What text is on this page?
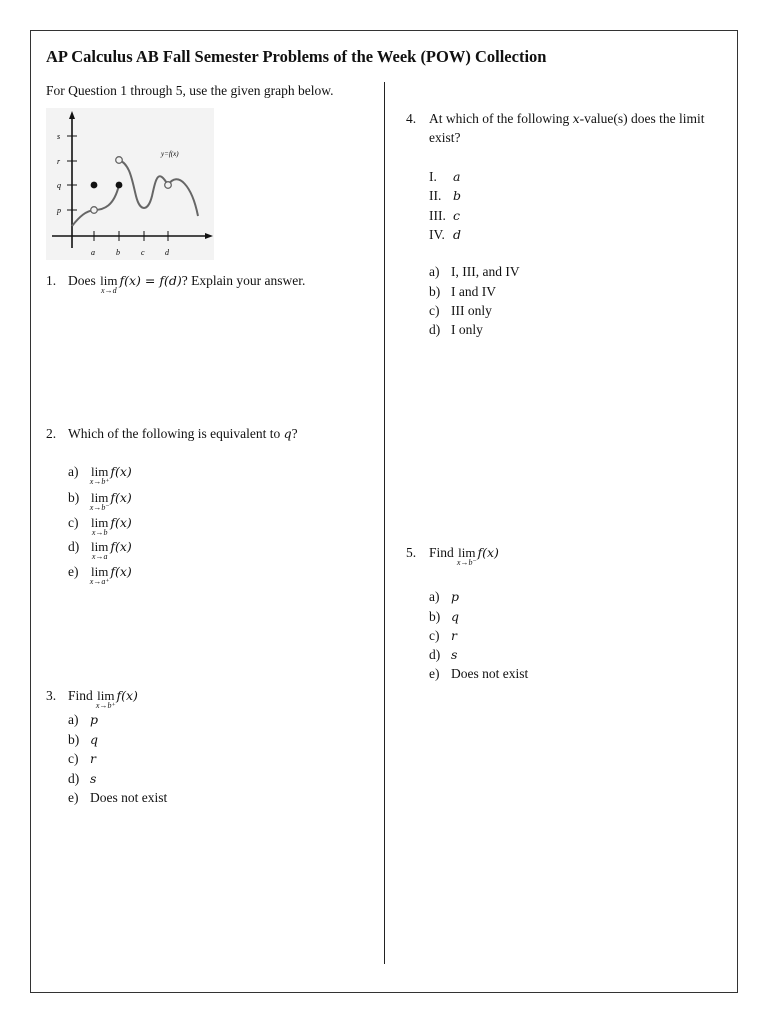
AP Calculus AB Fall Semester Problems of the Week (POW) Collection
For Question 1 through 5, use the given graph below.
s
r
q
p
a	b	c	d
y=f(x)
1. Does lim
x→d
f(x) = f(d)? Explain your answer.
2. Which of the following is equivalent to q?
a) lim
x→b⁺
f(x)
b) lim
x→b⁻
f(x)
c) lim
x→b
f(x)
d) lim
x→a
f(x)
e) lim
x→a⁺
f(x)
3. Find lim
x→b⁺
f(x)
a) p
b) q
c) r
d) s
e) Does not exist
4. At which of the following x-value(s) does the limit
exist?
I. a
II. b
III. c
IV. d
a) I, III, and IV
b) I and IV
c) III only
d) I only
5. Find lim
x→b⁻
f(x)
a) p
b) q
c) r
d) s
e) Does not exist
